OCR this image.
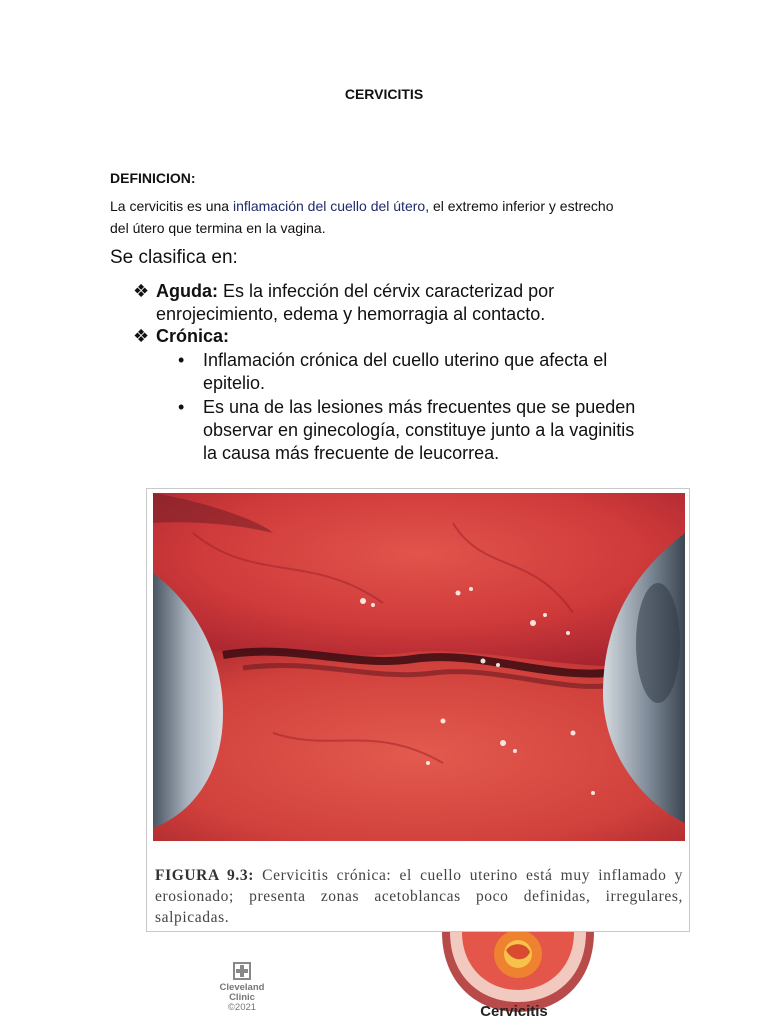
CERVICITIS
DEFINICION:
La cervicitis es una inflamación del cuello del útero, el extremo inferior y estrecho del útero que termina en la vagina.
Se clasifica en:
❖ Aguda: Es la infección del cérvix caracterizad por enrojecimiento, edema y hemorragia al contacto.
❖ Crónica:
• Inflamación crónica del cuello uterino que afecta el epitelio.
• Es una de las lesiones más frecuentes que se pueden observar en ginecología, constituye junto a la vaginitis la causa más frecuente de leucorrea.
FIGURA 9.3: Cervicitis crónica: el cuello uterino está muy inflamado y erosionado; presenta zonas acetoblancas poco definidas, irregulares, salpicadas.
Cleveland
Clinic
©2021	Cervicitis
